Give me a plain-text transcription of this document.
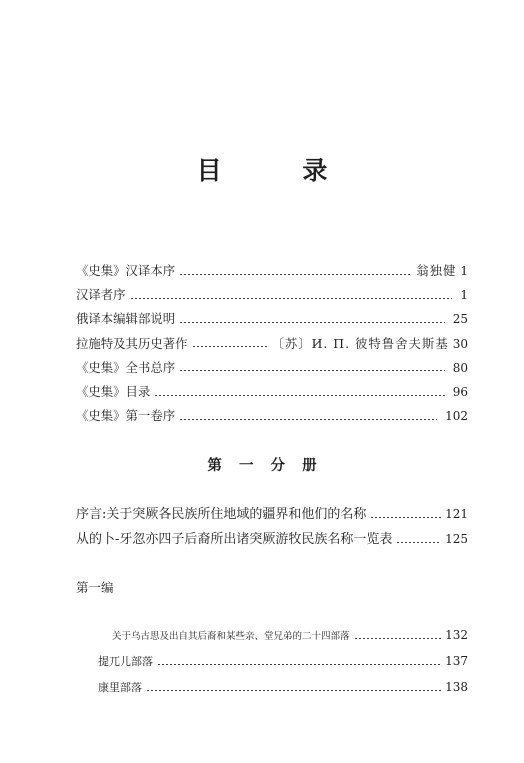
目 录
《史集》汉译本序	翁独健 1
汉译者序	1
俄译本编辑部说明	25
拉施特及其历史著作	〔苏〕И. П. 彼特鲁舍夫斯基 30
《史集》全书总序	80
《史集》目录	96
《史集》第一卷序	102
第 一 分 册
序言:关于突厥各民族所住地域的疆界和他们的名称	121
从的卜-牙忽亦四子后裔所出诸突厥游牧民族名称一览表	125
第一编
关于乌古思及出自其后裔和某些亲、堂兄弟的二十四部落	132
提兀儿部落	137
康里部落	138
